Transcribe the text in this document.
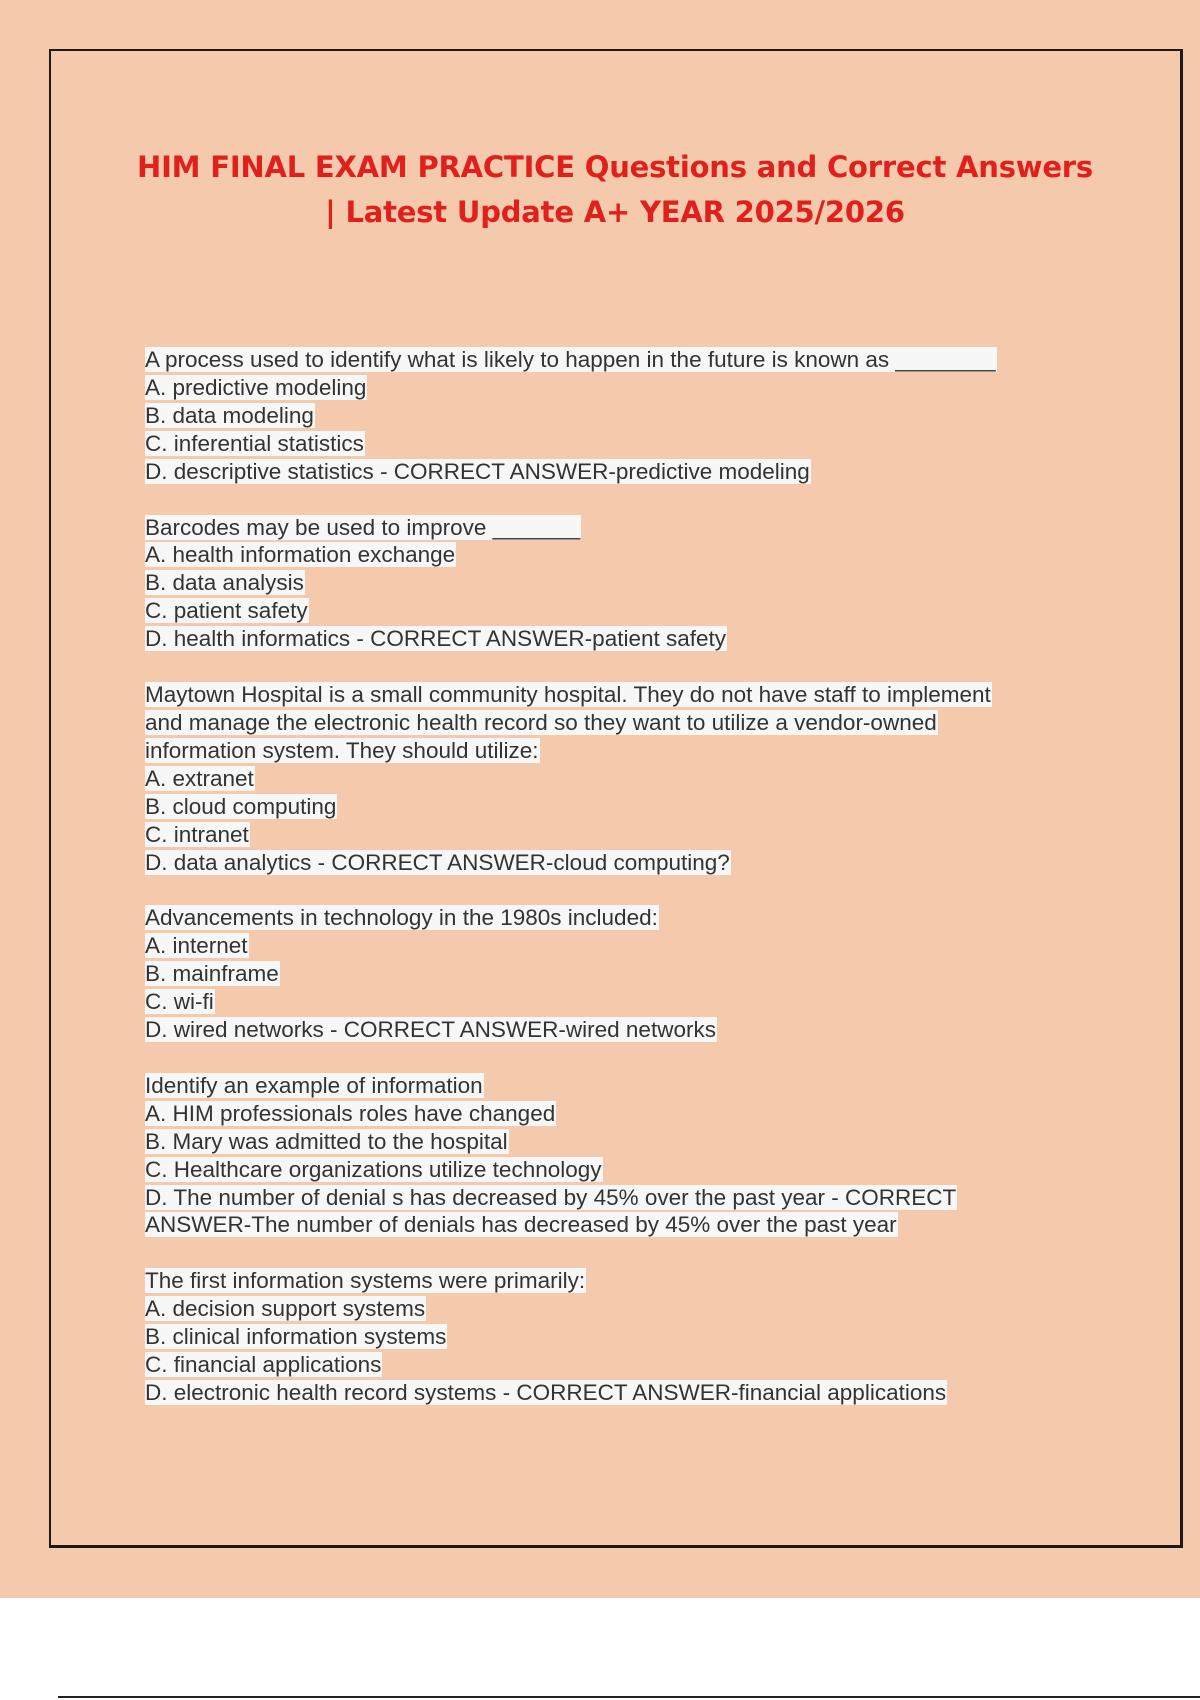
HIM FINAL EXAM PRACTICE Questions and Correct Answers
| Latest Update A+ YEAR 2025/2026
A process used to identify what is likely to happen in the future is known as ________
A. predictive modeling
B. data modeling
C. inferential statistics
D. descriptive statistics - CORRECT ANSWER-predictive modeling
Barcodes may be used to improve _______
A. health information exchange
B. data analysis
C. patient safety
D. health informatics - CORRECT ANSWER-patient safety
Maytown Hospital is a small community hospital. They do not have staff to implement
and manage the electronic health record so they want to utilize a vendor-owned
information system. They should utilize:
A. extranet
B. cloud computing
C. intranet
D. data analytics - CORRECT ANSWER-cloud computing?
Advancements in technology in the 1980s included:
A. internet
B. mainframe
C. wi-fi
D. wired networks - CORRECT ANSWER-wired networks
Identify an example of information
A. HIM professionals roles have changed
B. Mary was admitted to the hospital
C. Healthcare organizations utilize technology
D. The number of denial s has decreased by 45% over the past year - CORRECT
ANSWER-The number of denials has decreased by 45% over the past year
The first information systems were primarily:
A. decision support systems
B. clinical information systems
C. financial applications
D. electronic health record systems - CORRECT ANSWER-financial applications
